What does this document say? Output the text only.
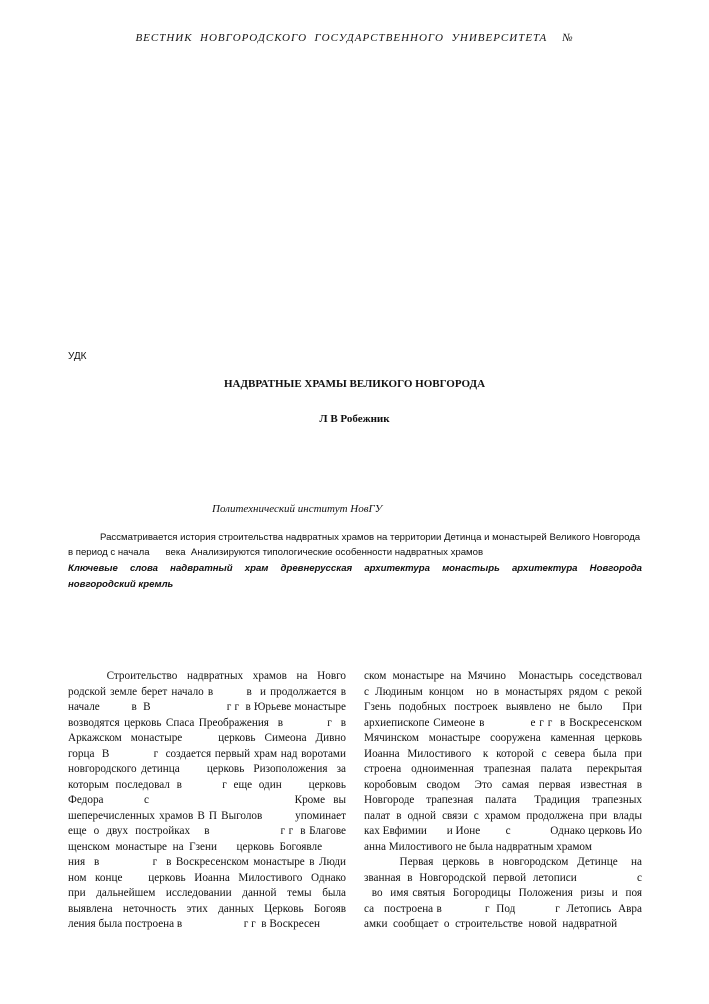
ВЕСТНИК  НОВГОРОДСКОГО  ГОСУДАРСТВЕННОГО  УНИВЕРСИТЕТА    №
УДК
НАДВРАТНЫЕ ХРАМЫ ВЕЛИКОГО НОВГОРОДА
Л В Робежник
Политехнический институт НовГУ
Рассматривается история строительства надвратных храмов на территории Детинца и монастырей Великого Новгорода
в период с начала      века  Анализируются типологические особенности надвратных храмов
Ключевые слова надвратный храм древнерусская архитектура монастырь архитектура Новгорода
новгородский кремль
Строительство  надвратных  храмов  на  Новго
родской земле берет начало в        в  и продолжается в
начале          в  В                        г г  в Юрьеве монастыре
возводятся церковь Спаса Преображения  в          г  в
Аркажском  монастыре        церковь  Симеона  Дивно
горца  В            г  создается первый храм над воротами
новгородского детинца      церковь  Ризоположения  за
которым  последовал  в            г  еще  один        церковь
Федора          с                                    Кроме  вы
шеперечисленных храмов В П Выголов        упоминает
еще  о  двух  постройках    в                    г г  в Благове
щенском  монастыре  на  Гзени       церковь  Богоявле
ния  в            г  в Воскресенском монастыре в Люди
ном  конце      церковь  Иоанна  Милостивого  Однако
при  дальнейшем  исследовании  данной  темы  была
выявлена  неточность  этих  данных  Церковь  Богояв
ления была построена в                      г г  в Воскресен
ском монастыре на Мячино  Монастырь соседствовал
с Людиным концом  но в монастырях рядом с рекой
Гзень  подобных  построек  выявлено  не  было     При
архиепископе Симеоне в            е г г  в Воскресенском
Мячинском  монастыре  сооружена  каменная  церковь
Иоанна  Милостивого   к  которой  с  севера  была  при
строена  одноименная  трапезная  палата   перекрытая
коробовым  сводом   Это  самая  первая  известная  в
Новгороде  трапезная  палата   Традиция  трапезных
палат в одной связи с храмом продолжена при влады
ках Евфимии       и Ионе         с              Однако церковь Ио
анна Милостивого не была надвратным храмом
Первая  церковь  в  новгородском  Детинце   на
званная в Новгородской первой летописи         с
во  имя святыя  Богородицы  Положения  ризы  и  поя
са   построена в             г  Под            г  Летопись  Авра
амки  сообщает  о  строительстве  новой  надвратной
